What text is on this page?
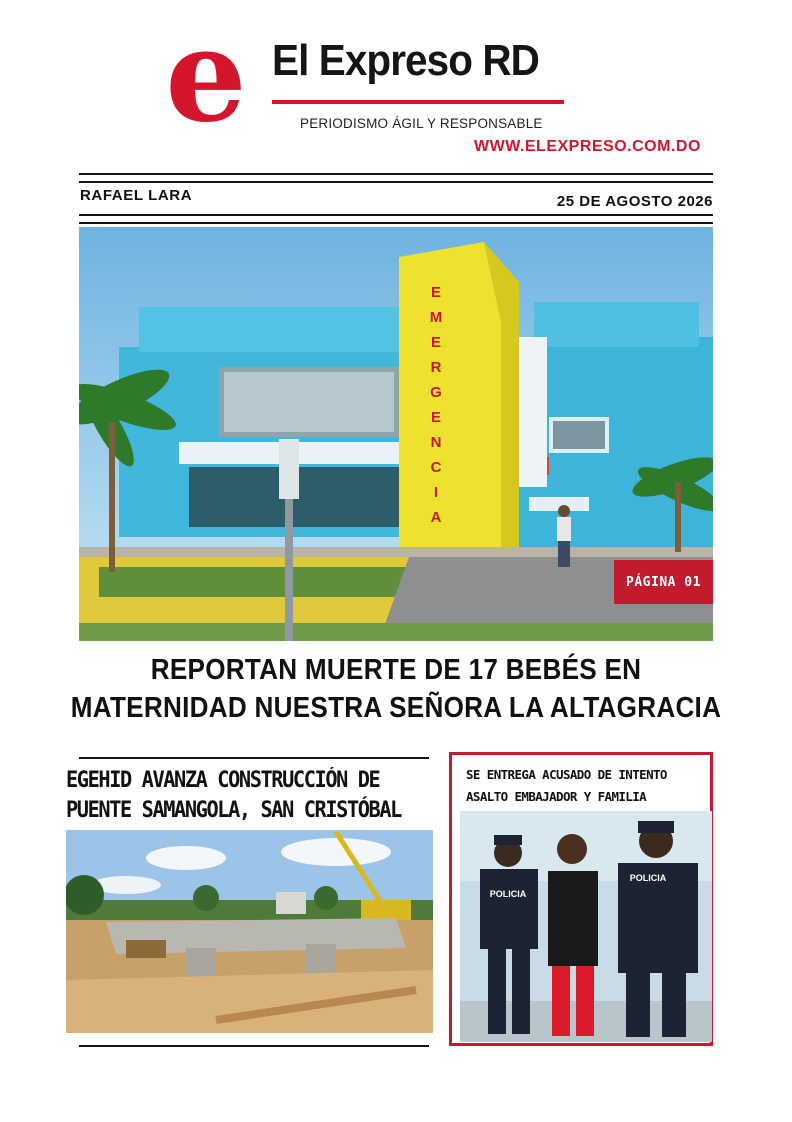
e El Expreso RD
PERIODISMO ÁGIL Y RESPONSABLE
WWW.ELEXPRESO.COM.DO
RAFAEL LARA	25 DE AGOSTO 2026
E
M
E
R
G
E
N
C
I
A
PÁGINA 01
REPORTAN MUERTE DE 17 BEBÉS EN
MATERNIDAD NUESTRA SEÑORA LA ALTAGRACIA
EGEHID AVANZA CONSTRUCCIÓN DE
PUENTE SAMANGOLA, SAN CRISTÓBAL
SE ENTREGA ACUSADO DE INTENTO
ASALTO EMBAJADOR Y FAMILIA
POLICIA
POLICIA
